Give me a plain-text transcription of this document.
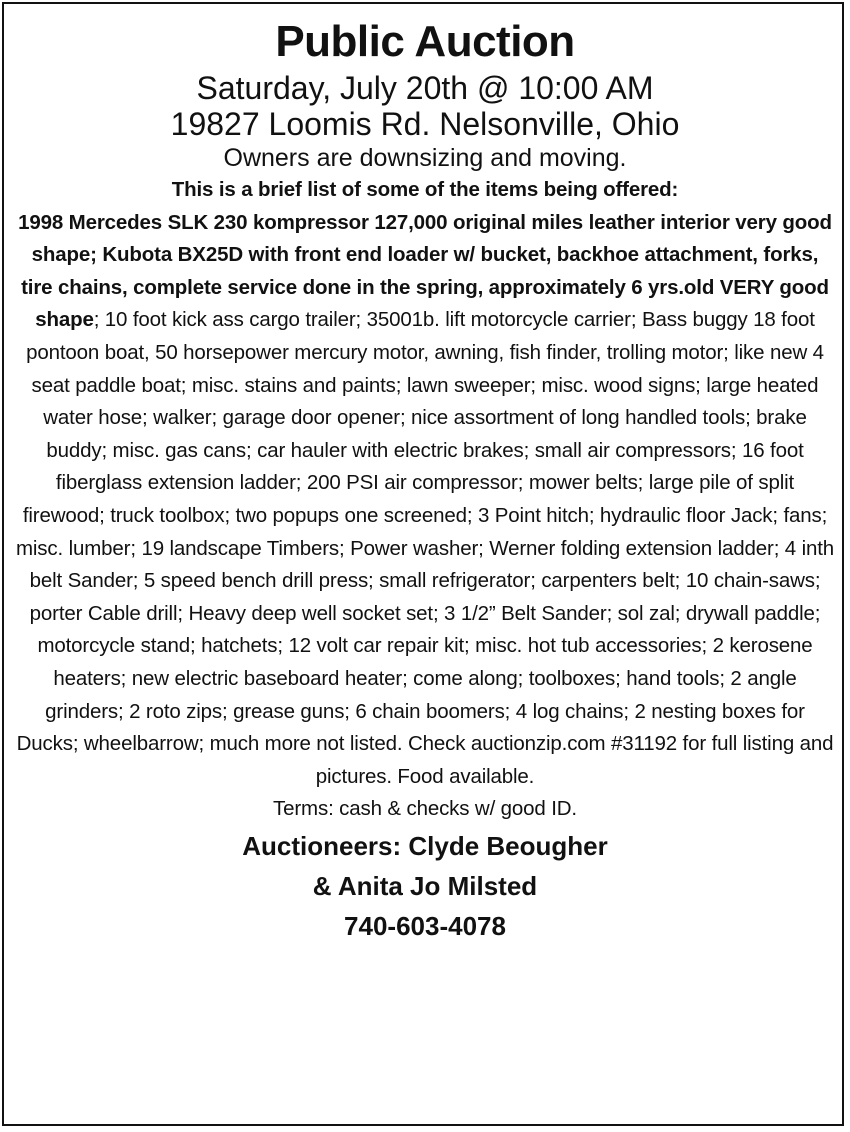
Public Auction

Saturday, July 20th @ 10:00 AM

19827 Loomis Rd. Nelsonville, Ohio

Owners are downsizing and moving.

This is a brief list of some of the items being offered:
1998 Mercedes SLK 230 kompressor 127,000 original miles leather interior very good shape; Kubota BX25D with front end loader w/ bucket, backhoe attachment, forks, tire chains, complete service done in the spring, approximately 6 yrs.old VERY good shape; 10 foot kick ass cargo trailer; 35001b. lift motorcycle carrier; Bass buggy 18 foot pontoon boat, 50 horsepower mercury motor, awning, fish finder, trolling motor; like new 4 seat paddle boat; misc. stains and paints; lawn sweeper; misc. wood signs; large heated water hose; walker; garage door opener; nice assortment of long handled tools; brake buddy; misc. gas cans; car hauler with electric brakes; small air compressors; 16 foot fiberglass extension ladder; 200 PSI air compressor; mower belts; large pile of split firewood; truck toolbox; two popups one screened; 3 Point hitch; hydraulic floor Jack; fans; misc. lumber; 19 landscape Timbers; Power washer; Werner folding extension ladder; 4 inth belt Sander; 5 speed bench drill press; small refrigerator; carpenters belt; 10 chain-saws; porter Cable drill; Heavy deep well socket set; 3 1/2” Belt Sander; sol zal; drywall paddle; motorcycle stand; hatchets; 12 volt car repair kit; misc. hot tub accessories; 2 kerosene heaters; new electric baseboard heater; come along; toolboxes; hand tools; 2 angle grinders; 2 roto zips; grease guns; 6 chain boomers; 4 log chains; 2 nesting boxes for Ducks; wheelbarrow; much more not listed. Check auctionzip.com #31192 for full listing and pictures. Food available.
Terms: cash & checks w/ good ID.

Auctioneers: Clyde Beougher

& Anita Jo Milsted

740-603-4078
